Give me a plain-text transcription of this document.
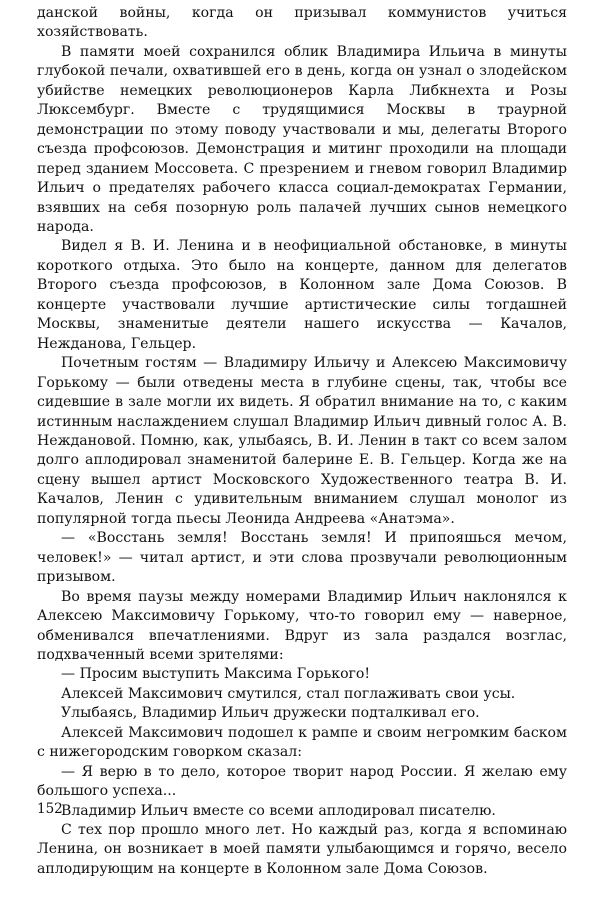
данской войны, когда он призывал коммунистов учиться хозяйствовать.

В памяти моей сохранился облик Владимира Ильича в минуты глубокой печали, охватившей его в день, когда он узнал о злодейском убийстве немецких революционеров Карла Либкнехта и Розы Люксембург. Вместе с трудящимися Москвы в траурной демонстрации по этому поводу участвовали и мы, делегаты Второго съезда профсоюзов. Демонстрация и митинг проходили на площади перед зданием Моссовета. С презрением и гневом говорил Владимир Ильич о предателях рабочего класса социал-демократах Германии, взявших на себя позорную роль палачей лучших сынов немецкого народа.

Видел я В. И. Ленина и в неофициальной обстановке, в минуты короткого отдыха. Это было на концерте, данном для делегатов Второго съезда профсоюзов, в Колонном зале Дома Союзов. В концерте участвовали лучшие артистические силы тогдашней Москвы, знаменитые деятели нашего искусства — Качалов, Нежданова, Гельцер.

Почетным гостям — Владимиру Ильичу и Алексею Максимовичу Горькому — были отведены места в глубине сцены, так, чтобы все сидевшие в зале могли их видеть. Я обратил внимание на то, с каким истинным наслаждением слушал Владимир Ильич дивный голос А. В. Неждановой. Помню, как, улыбаясь, В. И. Ленин в такт со всем залом долго аплодировал знаменитой балерине Е. В. Гельцер. Когда же на сцену вышел артист Московского Художественного театра В. И. Качалов, Ленин с удивительным вниманием слушал монолог из популярной тогда пьесы Леонида Андреева «Анатэма».

— «Восстань земля! Восстань земля! И припояшься мечом, человек!» — читал артист, и эти слова прозвучали революционным призывом.

Во время паузы между номерами Владимир Ильич наклонялся к Алексею Максимовичу Горькому, что-то говорил ему — наверное, обменивался впечатлениями. Вдруг из зала раздался возглас, подхваченный всеми зрителями:

— Просим выступить Максима Горького!

Алексей Максимович смутился, стал поглаживать свои усы.

Улыбаясь, Владимир Ильич дружески подталкивал его.

Алексей Максимович подошел к рампе и своим негромким баском с нижегородским говорком сказал:

— Я верю в то дело, которое творит народ России. Я желаю ему большого успеха...

Владимир Ильич вместе со всеми аплодировал писателю.

С тех пор прошло много лет. Но каждый раз, когда я вспоминаю Ленина, он возникает в моей памяти улыбающимся и горячо, весело аплодирующим на концерте в Колонном зале Дома Союзов.

152
